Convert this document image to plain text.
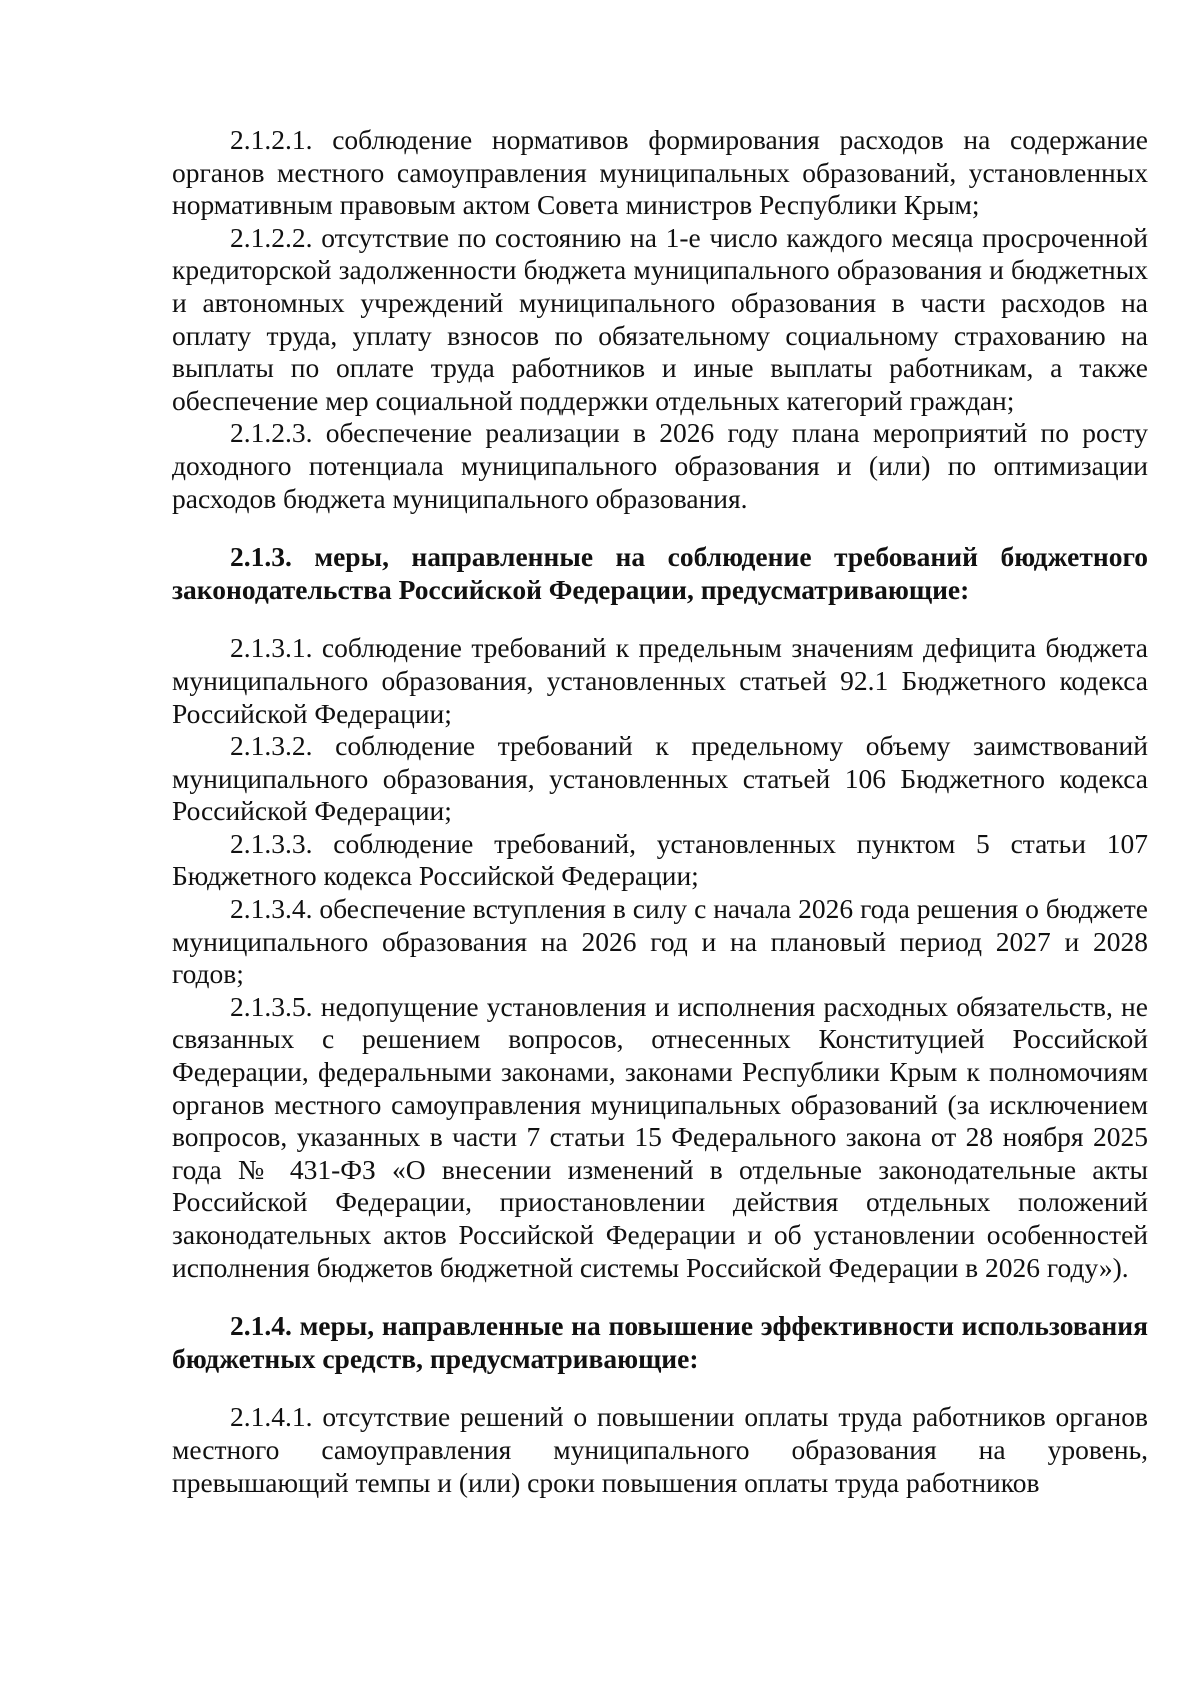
2.1.2.1. соблюдение нормативов формирования расходов на содержание органов местного самоуправления муниципальных образований, установленных нормативным правовым актом Совета министров Республики Крым;

2.1.2.2. отсутствие по состоянию на 1-е число каждого месяца просроченной кредиторской задолженности бюджета муниципального образования и бюджетных и автономных учреждений муниципального образования в части расходов на оплату труда, уплату взносов по обязательному социальному страхованию на выплаты по оплате труда работников и иные выплаты работникам, а также обеспечение мер социальной поддержки отдельных категорий граждан;

2.1.2.3. обеспечение реализации в 2026 году плана мероприятий по росту доходного потенциала муниципального образования и (или) по оптимизации расходов бюджета муниципального образования.

2.1.3. меры, направленные на соблюдение требований бюджетного законодательства Российской Федерации, предусматривающие:

2.1.3.1. соблюдение требований к предельным значениям дефицита бюджета муниципального образования, установленных статьей 92.1 Бюджетного кодекса Российской Федерации;

2.1.3.2. соблюдение требований к предельному объему заимствований муниципального образования, установленных статьей 106 Бюджетного кодекса Российской Федерации;

2.1.3.3. соблюдение требований, установленных пунктом 5 статьи 107 Бюджетного кодекса Российской Федерации;

2.1.3.4. обеспечение вступления в силу с начала 2026 года решения о бюджете муниципального образования на 2026 год и на плановый период 2027 и 2028 годов;

2.1.3.5. недопущение установления и исполнения расходных обязательств, не связанных с решением вопросов, отнесенных Конституцией Российской Федерации, федеральными законами, законами Республики Крым к полномочиям органов местного самоуправления муниципальных образований (за исключением вопросов, указанных в части 7 статьи 15 Федерального закона от 28 ноября 2025 года № 431-ФЗ «О внесении изменений в отдельные законодательные акты Российской Федерации, приостановлении действия отдельных положений законодательных актов Российской Федерации и об установлении особенностей исполнения бюджетов бюджетной системы Российской Федерации в 2026 году»).

2.1.4. меры, направленные на повышение эффективности использования бюджетных средств, предусматривающие:

2.1.4.1. отсутствие решений о повышении оплаты труда работников органов местного самоуправления муниципального образования на уровень, превышающий темпы и (или) сроки повышения оплаты труда работников
